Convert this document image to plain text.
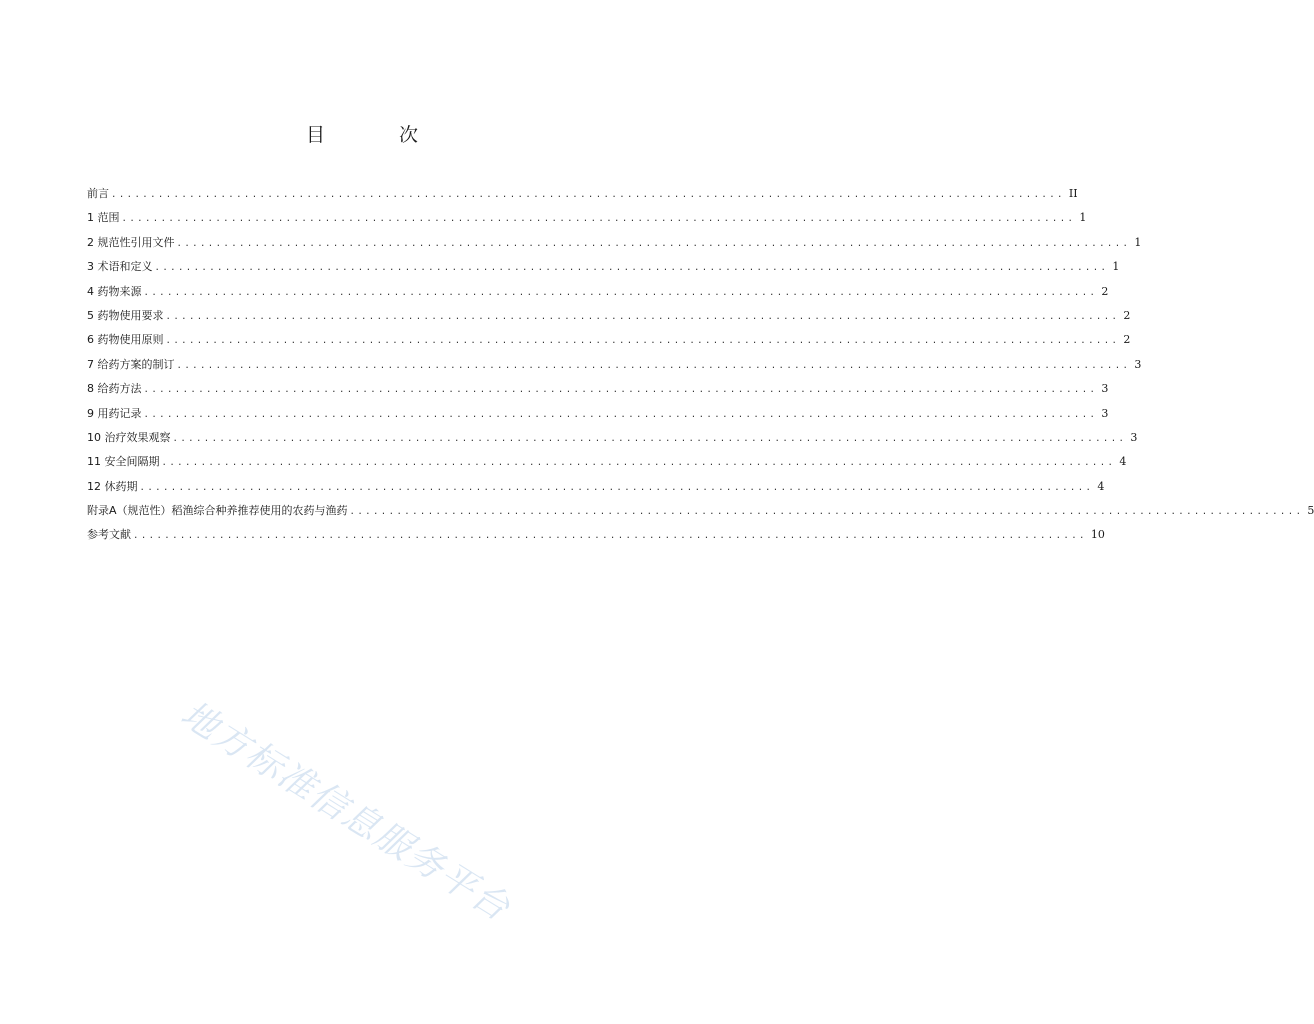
目 次
前言 .......................................................................................................................... II
1 范围 .......................................................................................................................... 1
2 规范性引用文件 .......................................................................................................................... 1
3 术语和定义 .......................................................................................................................... 1
4 药物来源 .......................................................................................................................... 2
5 药物使用要求 .......................................................................................................................... 2
6 药物使用原则 .......................................................................................................................... 2
7 给药方案的制订 .......................................................................................................................... 3
8 给药方法 .......................................................................................................................... 3
9 用药记录 .......................................................................................................................... 3
10 治疗效果观察 .......................................................................................................................... 3
11 安全间隔期 .......................................................................................................................... 4
12 休药期 .......................................................................................................................... 4
附录A（规范性）稻渔综合种养推荐使用的农药与渔药 .......................................................................................................................... 5
参考文献 .......................................................................................................................... 10
地方标准信息服务平台
